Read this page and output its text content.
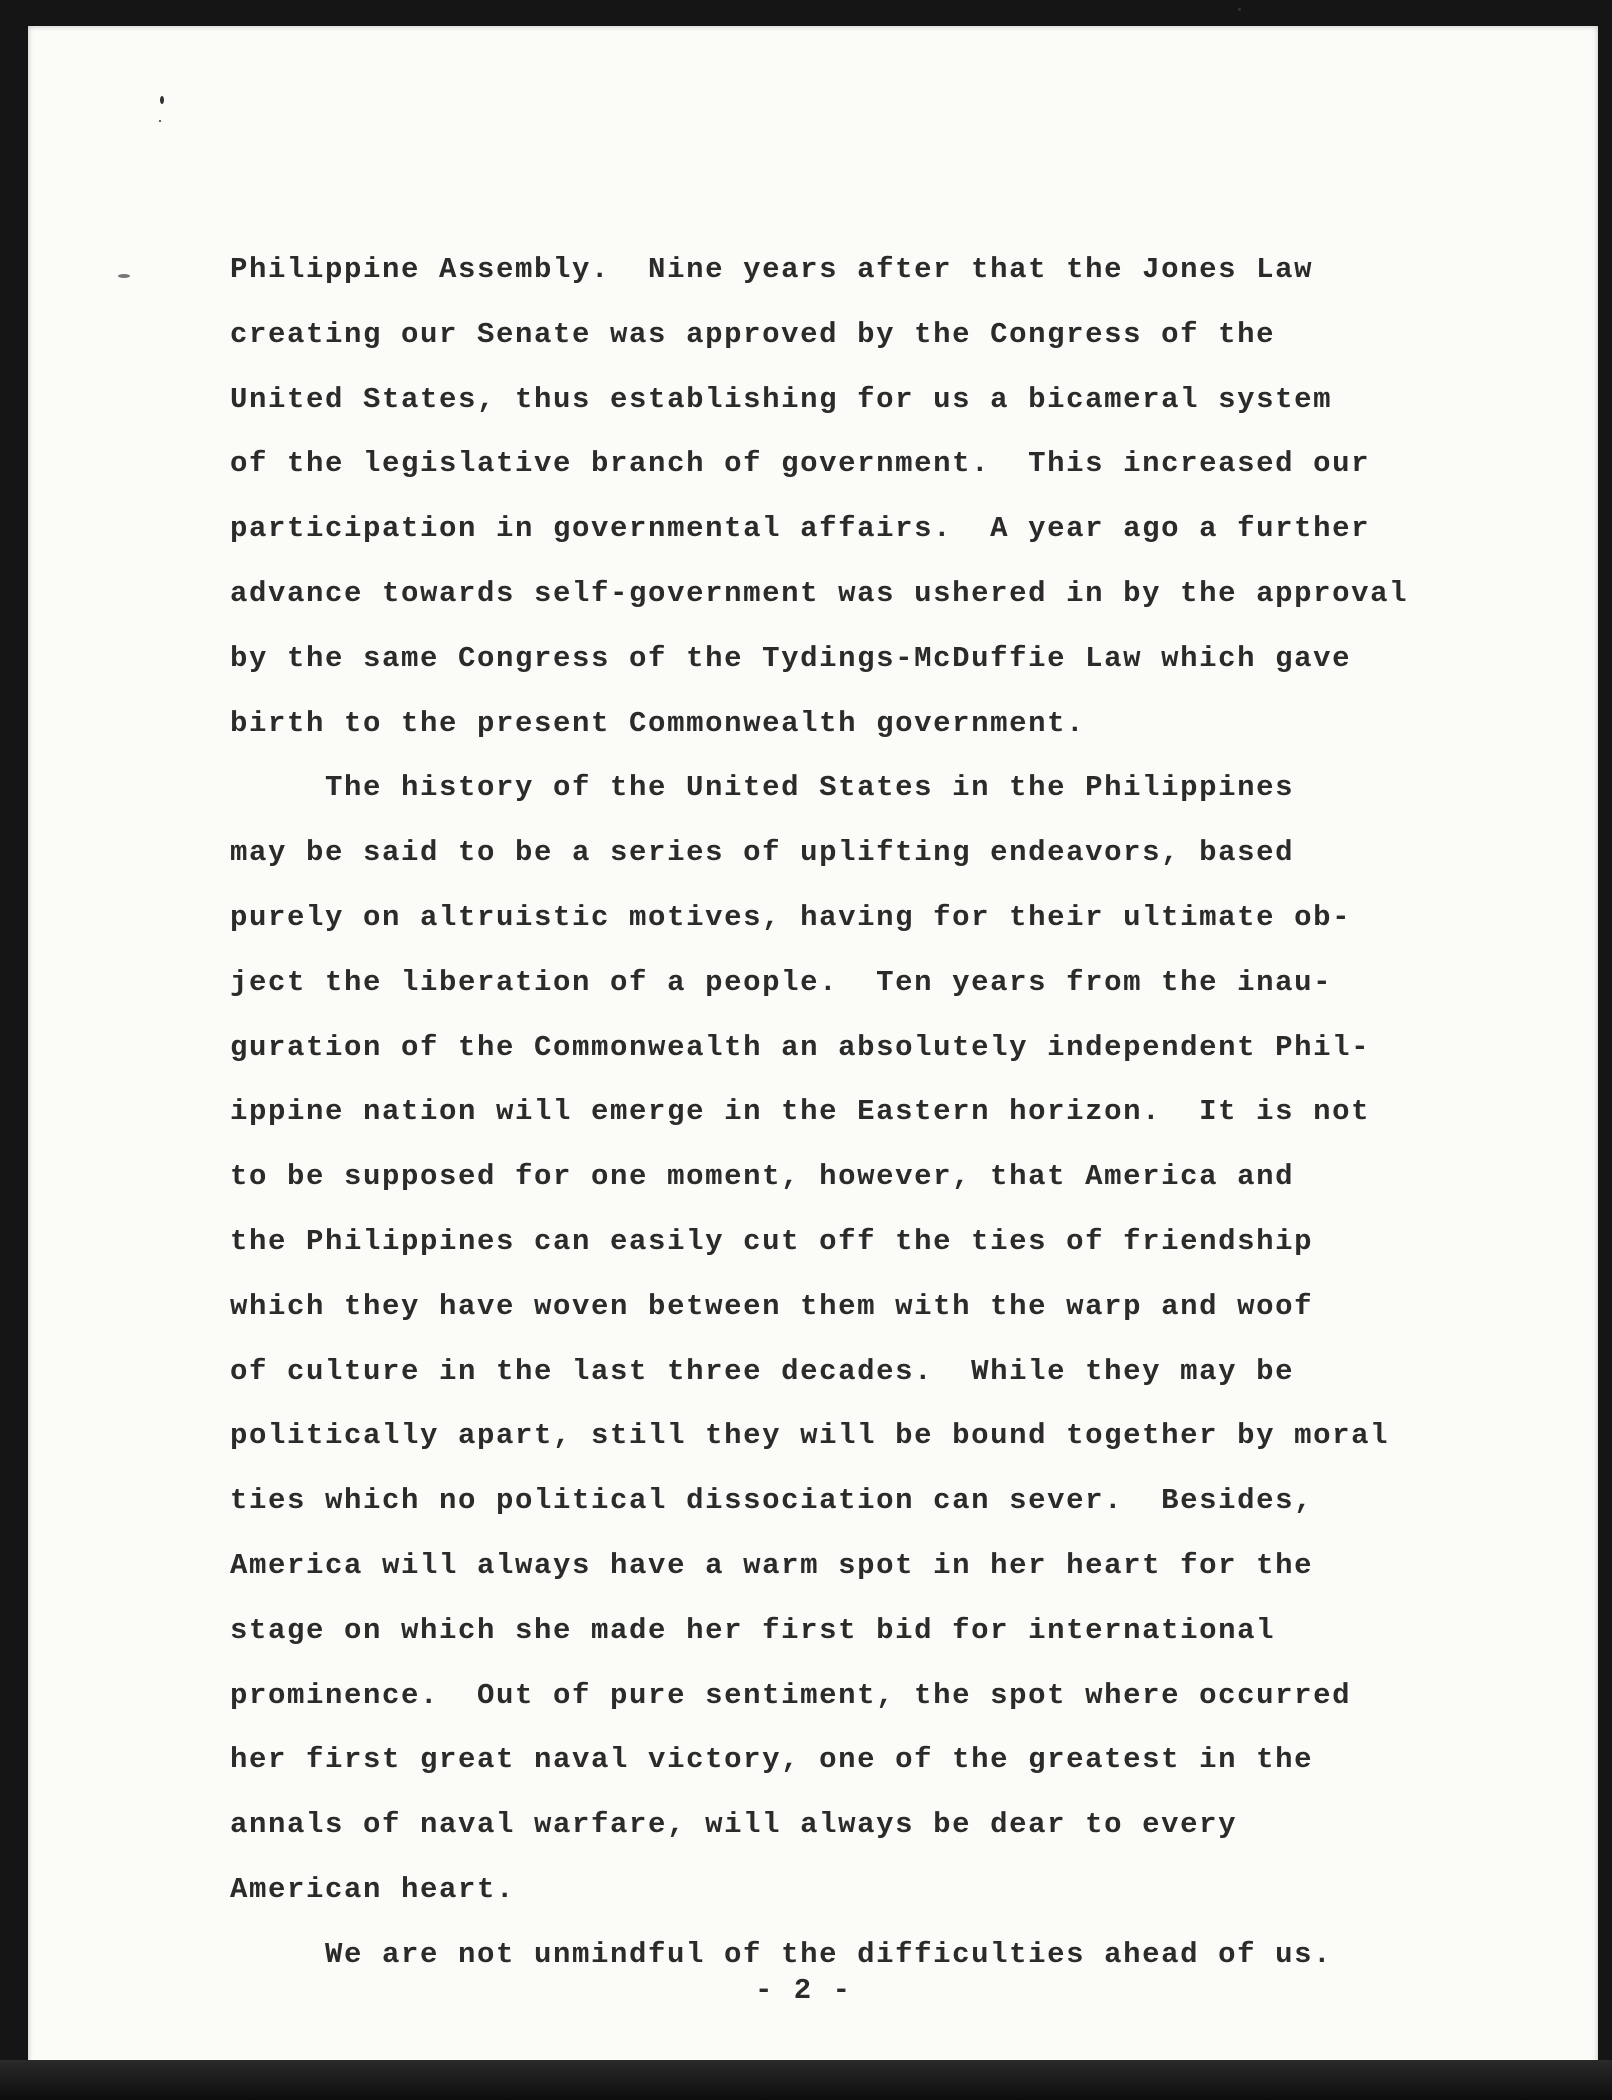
Philippine Assembly.  Nine years after that the Jones Law
creating our Senate was approved by the Congress of the
United States, thus establishing for us a bicameral system
of the legislative branch of government.  This increased our
participation in governmental affairs.  A year ago a further
advance towards self-government was ushered in by the approval
by the same Congress of the Tydings-McDuffie Law which gave
birth to the present Commonwealth government.
The history of the United States in the Philippines
may be said to be a series of uplifting endeavors, based
purely on altruistic motives, having for their ultimate ob-
ject the liberation of a people.  Ten years from the inau-
guration of the Commonwealth an absolutely independent Phil-
ippine nation will emerge in the Eastern horizon.  It is not
to be supposed for one moment, however, that America and
the Philippines can easily cut off the ties of friendship
which they have woven between them with the warp and woof
of culture in the last three decades.  While they may be
politically apart, still they will be bound together by moral
ties which no political dissociation can sever.  Besides,
America will always have a warm spot in her heart for the
stage on which she made her first bid for international
prominence.  Out of pure sentiment, the spot where occurred
her first great naval victory, one of the greatest in the
annals of naval warfare, will always be dear to every
American heart.
We are not unmindful of the difficulties ahead of us.
- 2 -
